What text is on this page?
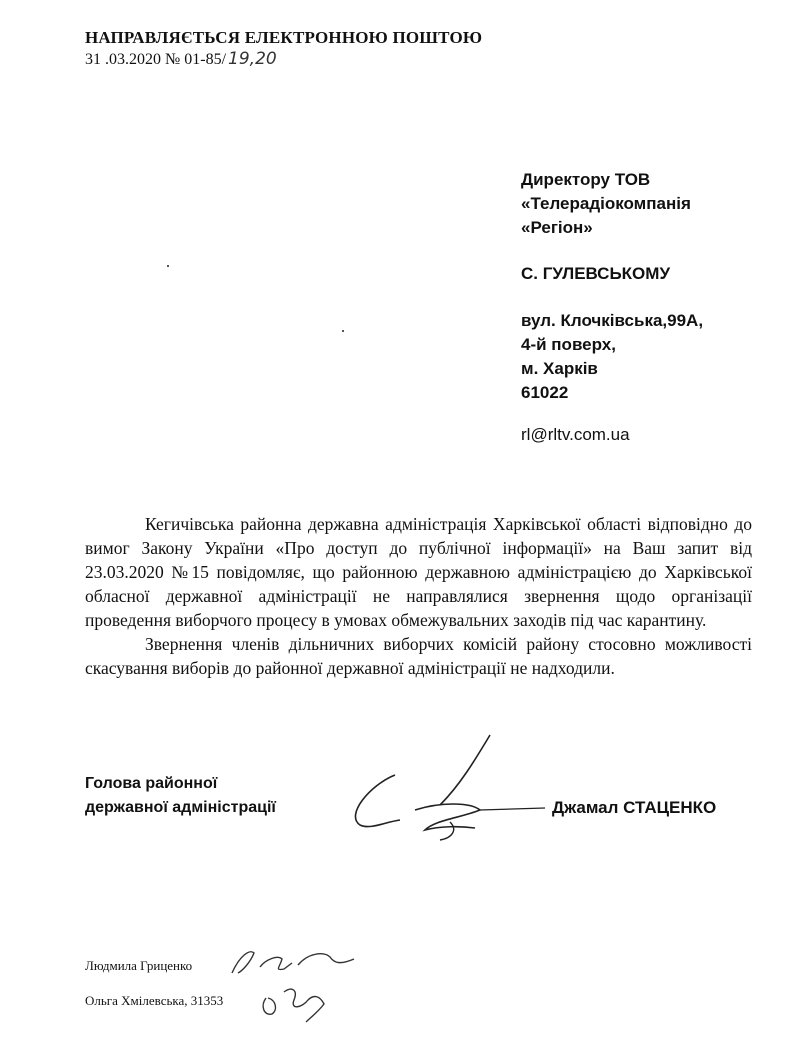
НАПРАВЛЯЄТЬСЯ ЕЛЕКТРОННОЮ ПОШТОЮ
31 .03.2020 № 01-85/ 19,20
Директору ТОВ
«Телерадіокомпанія
«Регіон»
С. ГУЛЕВСЬКОМУ
вул. Клочківська,99А,
4-й поверх,
м. Харків
61022
rl@rltv.com.ua

Кегичівська районна державна адміністрація Харківської області відповідно до вимог Закону України «Про доступ до публічної інформації» на Ваш запит від 23.03.2020 №15 повідомляє, що районною державною адміністрацією до Харківської обласної державної адміністрації не направлялися звернення щодо організації проведення виборчого процесу в умовах обмежувальних заходів під час карантину.

Звернення членів дільничних виборчих комісій району стосовно можливості скасування виборів до районної державної адміністрації не надходили.

Голова районної
державної адміністрації	Джамал СТАЦЕНКО
Людмила Гриценко
Ольга Хмілевська, 31353
